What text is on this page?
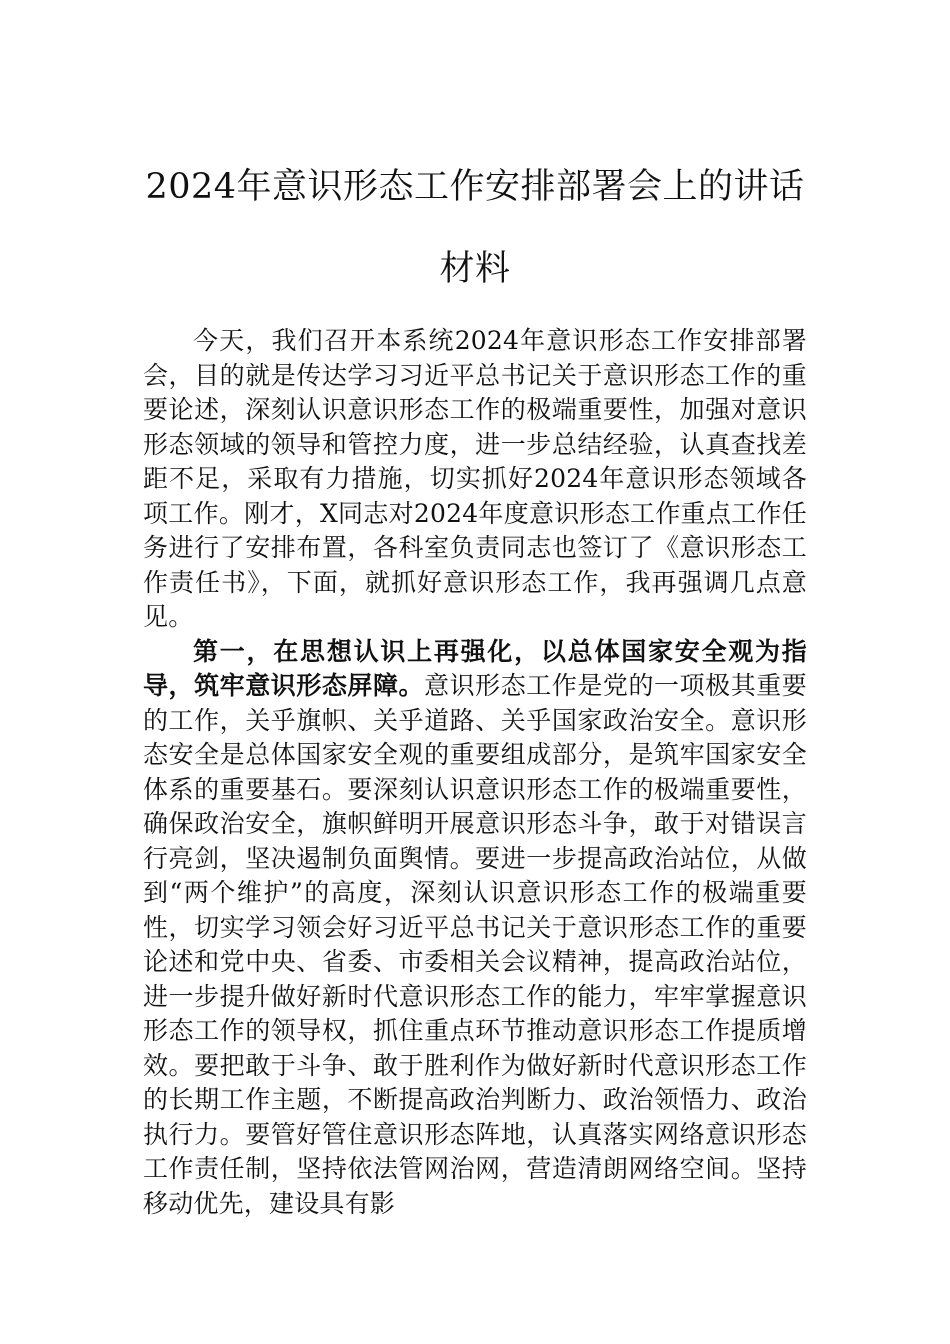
2024年意识形态工作安排部署会上的讲话
材料

今天，我们召开本系统2024年意识形态工作安排部署会，目的就是传达学习习近平总书记关于意识形态工作的重要论述，深刻认识意识形态工作的极端重要性，加强对意识形态领域的领导和管控力度，进一步总结经验，认真查找差距不足，采取有力措施，切实抓好2024年意识形态领域各项工作。刚才，X同志对2024年度意识形态工作重点工作任务进行了安排布置，各科室负责同志也签订了《意识形态工作责任书》，下面，就抓好意识形态工作，我再强调几点意见。

第一，在思想认识上再强化，以总体国家安全观为指导，筑牢意识形态屏障。意识形态工作是党的一项极其重要的工作，关乎旗帜、关乎道路、关乎国家政治安全。意识形态安全是总体国家安全观的重要组成部分，是筑牢国家安全体系的重要基石。要深刻认识意识形态工作的极端重要性，确保政治安全，旗帜鲜明开展意识形态斗争，敢于对错误言行亮剑，坚决遏制负面舆情。要进一步提高政治站位，从做到“两个维护”的高度，深刻认识意识形态工作的极端重要性，切实学习领会好习近平总书记关于意识形态工作的重要论述和党中央、省委、市委相关会议精神，提高政治站位，进一步提升做好新时代意识形态工作的能力，牢牢掌握意识形态工作的领导权，抓住重点环节推动意识形态工作提质增效。要把敢于斗争、敢于胜利作为做好新时代意识形态工作的长期工作主题，不断提高政治判断力、政治领悟力、政治执行力。要管好管住意识形态阵地，认真落实网络意识形态工作责任制，坚持依法管网治网，营造清朗网络空间。坚持移动优先，建设具有影
